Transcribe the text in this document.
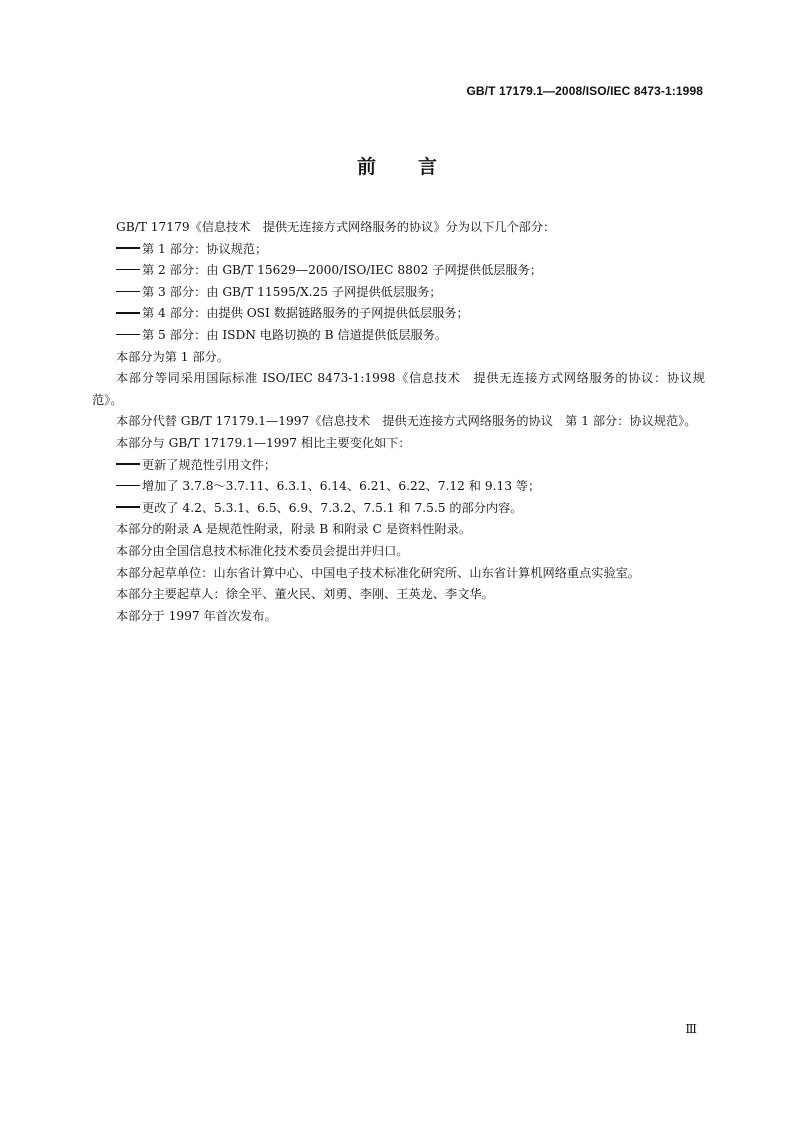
GB/T 17179.1—2008/ISO/IEC 8473-1:1998
前 言

GB/T 17179《信息技术　提供无连接方式网络服务的协议》分为以下几个部分：

第 1 部分：协议规范；

第 2 部分：由 GB/T 15629—2000/ISO/IEC 8802 子网提供低层服务；

第 3 部分：由 GB/T 11595/X.25 子网提供低层服务；

第 4 部分：由提供 OSI 数据链路服务的子网提供低层服务；

第 5 部分：由 ISDN 电路切换的 B 信道提供低层服务。

本部分为第 1 部分。

本部分等同采用国际标准 ISO/IEC 8473-1:1998《信息技术　提供无连接方式网络服务的协议：协议规范》。

本部分代替 GB/T 17179.1—1997《信息技术　提供无连接方式网络服务的协议　第 1 部分：协议规范》。

本部分与 GB/T 17179.1—1997 相比主要变化如下：

更新了规范性引用文件；

增加了 3.7.8～3.7.11、6.3.1、6.14、6.21、6.22、7.12 和 9.13 等；

更改了 4.2、5.3.1、6.5、6.9、7.3.2、7.5.1 和 7.5.5 的部分内容。

本部分的附录 A 是规范性附录，附录 B 和附录 C 是资料性附录。

本部分由全国信息技术标准化技术委员会提出并归口。

本部分起草单位：山东省计算中心、中国电子技术标准化研究所、山东省计算机网络重点实验室。

本部分主要起草人：徐全平、董火民、刘勇、李刚、王英龙、李文华。

本部分于 1997 年首次发布。

Ⅲ
